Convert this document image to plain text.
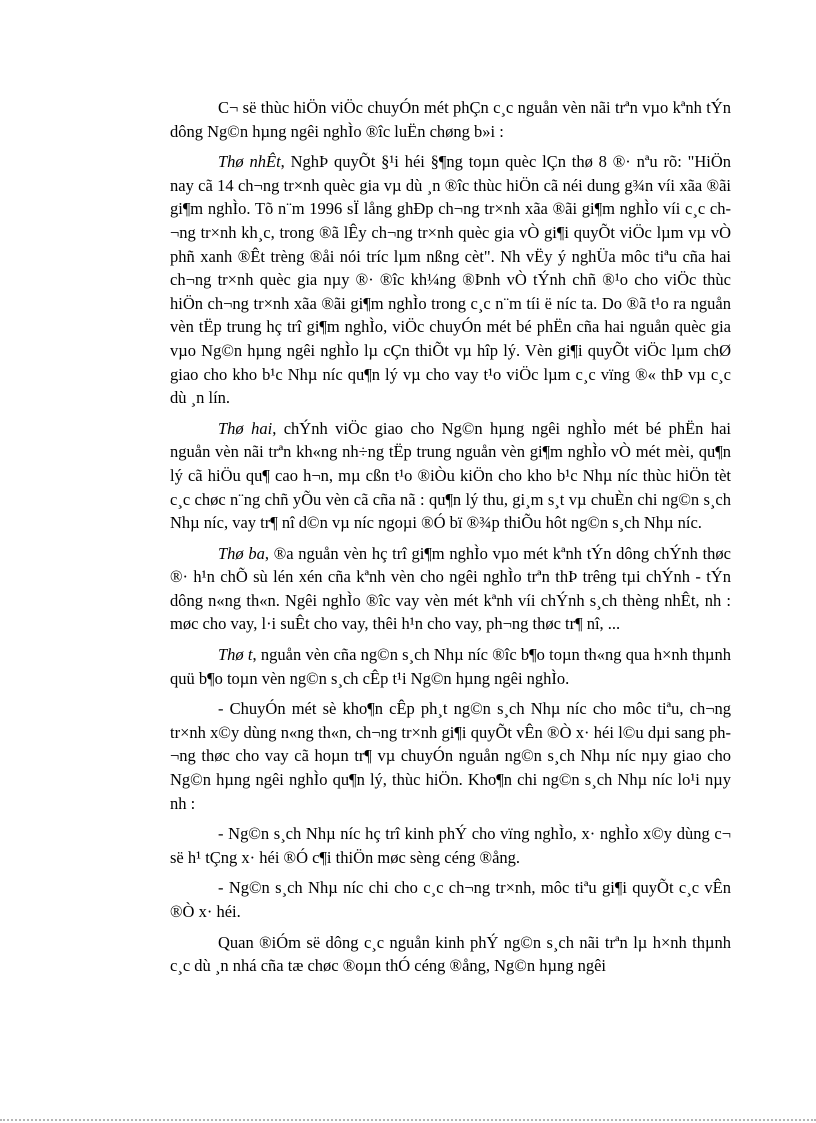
C¬ së thùc hiÖn viÖc chuyÓn mét phÇn c¸c nguån vèn nãi trªn vµo kªnh tÝn dông Ng©n hµng ngêi nghÌo ®îc luËn chøng b»i :

Thø nhÊt, NghÞ quyÕt §¹i héi §¶ng toµn quèc lÇn thø 8 ®· nªu rõ: "HiÖn nay cã 14 ch¬ng tr×nh quèc gia vµ dù ¸n ®îc thùc hiÖn cã néi dung g¾n víi xãa ®ãi gi¶m nghÌo. Tõ n¨m 1996 sÏ lång ghÐp ch¬ng tr×nh xãa ®ãi gi¶m nghÌo víi c¸c ch¬ng tr×nh kh¸c, trong ®ã lÊy ch¬ng tr×nh quèc gia vÒ gi¶i quyÕt viÖc lµm vµ vÒ phñ xanh ®Êt trèng ®åi nói tríc lµm nßng cèt". Nh vËy ý nghÜa môc tiªu cña hai ch¬ng tr×nh quèc gia nµy ®· ®îc kh¼ng ®Þnh vÒ tÝnh chñ ®¹o cho viÖc thùc hiÖn ch¬ng tr×nh xãa ®ãi gi¶m nghÌo trong c¸c n¨m tíi ë níc ta. Do ®ã t¹o ra nguån vèn tËp trung hç trî gi¶m nghÌo, viÖc chuyÓn mét bé phËn cña hai nguån quèc gia vµo Ng©n hµng ngêi nghÌo lµ cÇn thiÕt vµ hîp lý. Vèn gi¶i quyÕt viÖc lµm chØ giao cho kho b¹c Nhµ níc qu¶n lý vµ cho vay t¹o viÖc lµm c¸c vïng ®« thÞ vµ c¸c dù ¸n lín.

Thø hai, chÝnh viÖc giao cho Ng©n hµng ngêi nghÌo mét bé phËn hai nguån vèn nãi trªn kh«ng nh÷ng tËp trung nguån vèn gi¶m nghÌo vÒ mét mèi, qu¶n lý cã hiÖu qu¶ cao h¬n, mµ cßn t¹o ®iÒu kiÖn cho kho b¹c Nhµ níc thùc hiÖn tèt c¸c chøc n¨ng chñ yÕu vèn cã cña nã : qu¶n lý thu, gi¸m s¸t vµ chuÈn chi ng©n s¸ch Nhµ níc, vay tr¶ nî d©n vµ níc ngoµi ®Ó bï ®¾p thiÕu hôt ng©n s¸ch Nhµ níc.

Thø ba, ®a nguån vèn hç trî gi¶m nghÌo vµo mét kªnh tÝn dông chÝnh thøc ®· h¹n chÕ sù lén xén cña kªnh vèn cho ngêi nghÌo trªn thÞ trêng tµi chÝnh - tÝn dông n«ng th«n. Ngêi nghÌo ®îc vay vèn mét kªnh víi chÝnh s¸ch thèng nhÊt, nh : møc cho vay, l·i suÊt cho vay, thêi h¹n cho vay, ph¬ng thøc tr¶ nî, ...

Thø t, nguån vèn cña ng©n s¸ch Nhµ níc ®îc b¶o toµn th«ng qua h×nh thµnh quü b¶o toµn vèn ng©n s¸ch cÊp t¹i Ng©n hµng ngêi nghÌo.

- ChuyÓn mét sè kho¶n cÊp ph¸t ng©n s¸ch Nhµ níc cho môc tiªu, ch¬ng tr×nh x©y dùng n«ng th«n, ch¬ng tr×nh gi¶i quyÕt vÊn ®Ò x· héi l©u dµi sang ph¬ng thøc cho vay cã hoµn tr¶ vµ chuyÓn nguån ng©n s¸ch Nhµ níc nµy giao cho Ng©n hµng ngêi nghÌo qu¶n lý, thùc hiÖn. Kho¶n chi ng©n s¸ch Nhµ níc lo¹i nµy nh :

- Ng©n s¸ch Nhµ níc hç trî kinh phÝ cho vïng nghÌo, x· nghÌo x©y dùng c¬ së h¹ tÇng x· héi ®Ó c¶i thiÖn møc sèng céng ®ång.

- Ng©n s¸ch Nhµ níc chi cho c¸c ch¬ng tr×nh, môc tiªu gi¶i quyÕt c¸c vÊn ®Ò x· héi.

Quan ®iÓm së dông c¸c nguån kinh phÝ ng©n s¸ch nãi trªn lµ h×nh thµnh c¸c dù ¸n nhá cña tæ chøc ®oµn thÓ céng ®ång, Ng©n hµng ngêi
